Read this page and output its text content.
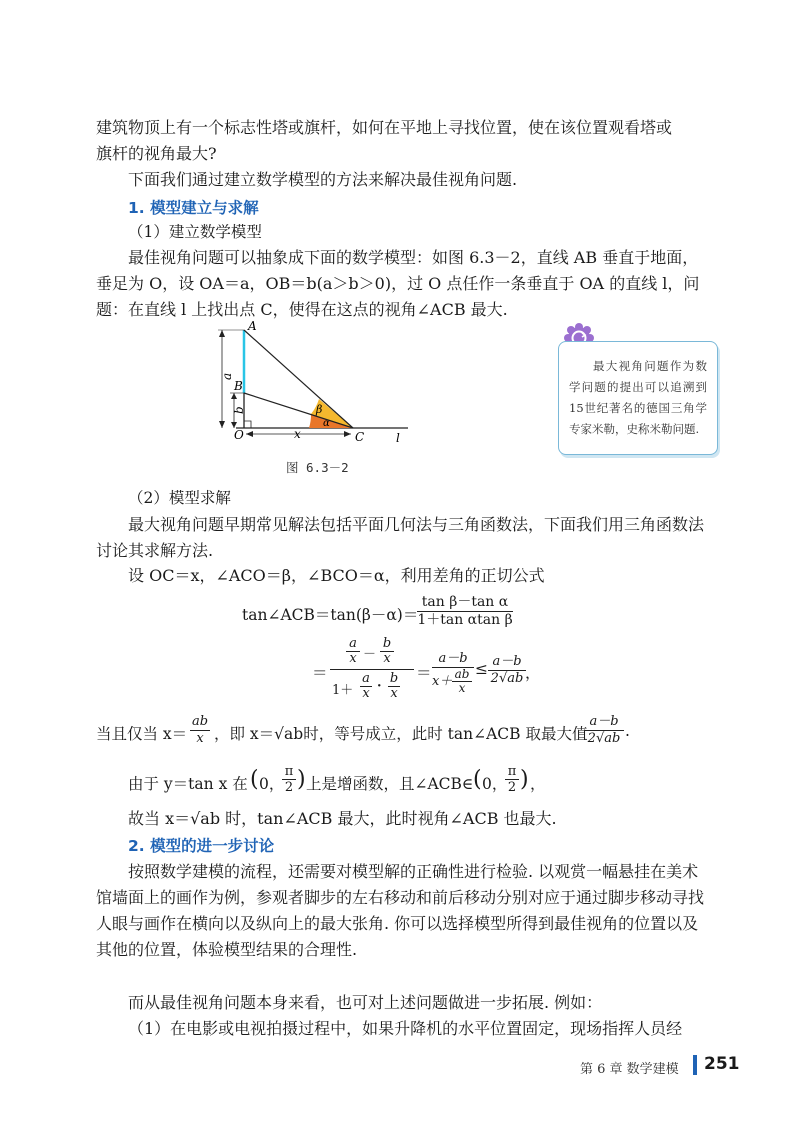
建筑物顶上有一个标志性塔或旗杆，如何在平地上寻找位置，使在该位置观看塔或

旗杆的视角最大?

下面我们通过建立数学模型的方法来解决最佳视角问题.

1. 模型建立与求解
（1）建立数学模型

最佳视角问题可以抽象成下面的数学模型：如图 6.3－2，直线 AB 垂直于地面，垂足为 O，设 OA＝a，OB＝b(a＞b＞0)，过 O 点任作一条垂直于 OA 的直线 l，问题：在直线 l 上找出点 C，使得在这点的视角∠ACB 最大.

A
B
O	C
a
b
x	l
β
α
图 6.3－2
最大视角问题作为数学问题的提出可以追溯到15世纪著名的德国三角学专家米勒，史称米勒问题.
（2）模型求解

最大视角问题早期常见解法包括平面几何法与三角函数法，下面我们用三角函数法讨论其求解方法.

设 OC＝x，∠ACO＝β，∠BCO＝α，利用差角的正切公式

tan∠ACB＝tan(β－α)＝
$\frac{\text{tan β－tan α}}{\text{1＋tan αtan β}}$
＝
a
x －
b
x
1＋
a
x ·
b
x
＝
a－b
x＋ ab
x
≤ $\frac{a-b}{2√ab}$ ，
当且仅当 $x= \frac{ab}{x}$ ，即 x＝√ab时，等号成立，此时 tan∠ACB 取最大值
$\frac{a-b}{2√ab}$ .
由于 y＝tan x 在 ( 0，
π
2 ) 上是增函数，且∠ACB∈ ( 0，
π
2 ) ，

故当 x＝√ab 时，tan∠ACB 最大，此时视角∠ACB 也最大.

2. 模型的进一步讨论

按照数学建模的流程，还需要对模型解的正确性进行检验. 以观赏一幅悬挂在美术馆墙面上的画作为例，参观者脚步的左右移动和前后移动分别对应于通过脚步移动寻找人眼与画作在横向以及纵向上的最大张角. 你可以选择模型所得到最佳视角的位置以及其他的位置，体验模型结果的合理性.

而从最佳视角问题本身来看，也可对上述问题做进一步拓展. 例如：

（1）在电影或电视拍摄过程中，如果升降机的水平位置固定，现场指挥人员经

第 6 章 数学建模 251
